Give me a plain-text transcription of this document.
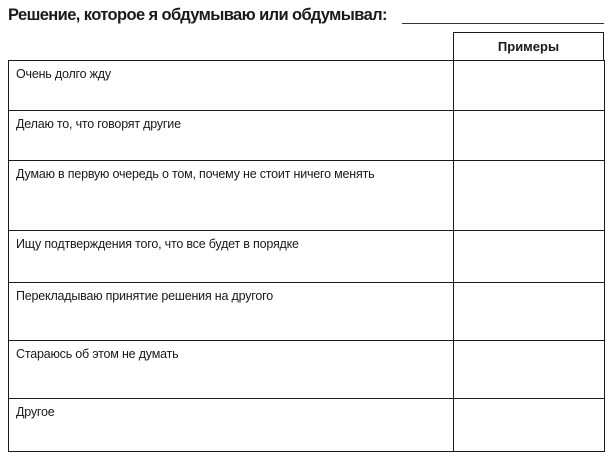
Решение, которое я обдумываю или обдумывал:
Примеры
Очень долго жду
Делаю то, что говорят другие
Думаю в первую очередь о том, почему не стоит ничего менять
Ищу подтверждения того, что все будет в порядке
Перекладываю принятие решения на другого
Стараюсь об этом не думать
Другое
